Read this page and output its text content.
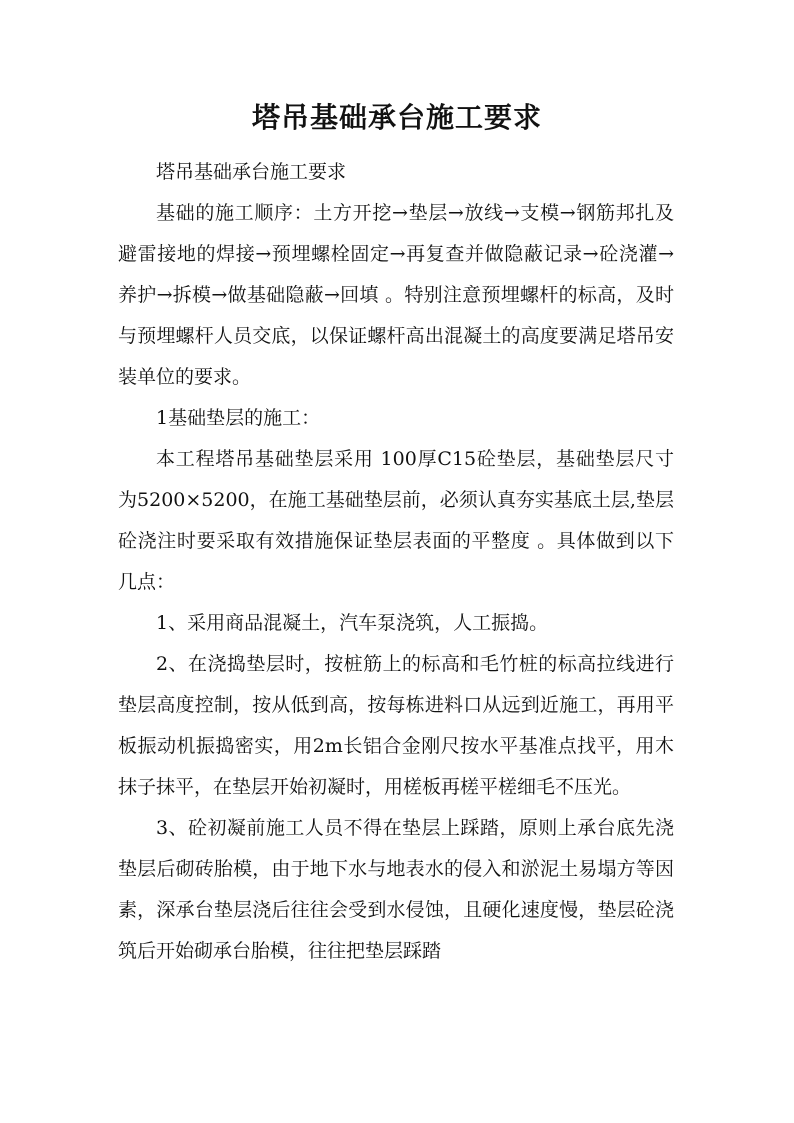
塔吊基础承台施工要求

塔吊基础承台施工要求

基础的施工顺序：土方开挖→垫层→放线→支模→钢筋邦扎及避雷接地的焊接→预埋螺栓固定→再复查并做隐蔽记录→砼浇灌→养护→拆模→做基础隐蔽→回填 。特别注意预埋螺杆的标高，及时与预埋螺杆人员交底，以保证螺杆高出混凝土的高度要满足塔吊安装单位的要求。

1基础垫层的施工：

本工程塔吊基础垫层采用 100厚C15砼垫层，基础垫层尺寸为5200×5200，在施工基础垫层前，必须认真夯实基底土层,垫层砼浇注时要采取有效措施保证垫层表面的平整度 。具体做到以下几点：

1、采用商品混凝土，汽车泵浇筑，人工振捣。

2、在浇捣垫层时，按桩筋上的标高和毛竹桩的标高拉线进行垫层高度控制，按从低到高，按每栋进料口从远到近施工，再用平板振动机振捣密实，用2m长铝合金刚尺按水平基准点找平，用木抹子抹平，在垫层开始初凝时，用槎板再槎平槎细毛不压光。

3、砼初凝前施工人员不得在垫层上踩踏，原则上承台底先浇垫层后砌砖胎模，由于地下水与地表水的侵入和淤泥土易塌方等因素，深承台垫层浇后往往会受到水侵蚀，且硬化速度慢，垫层砼浇筑后开始砌承台胎模，往往把垫层踩踏
